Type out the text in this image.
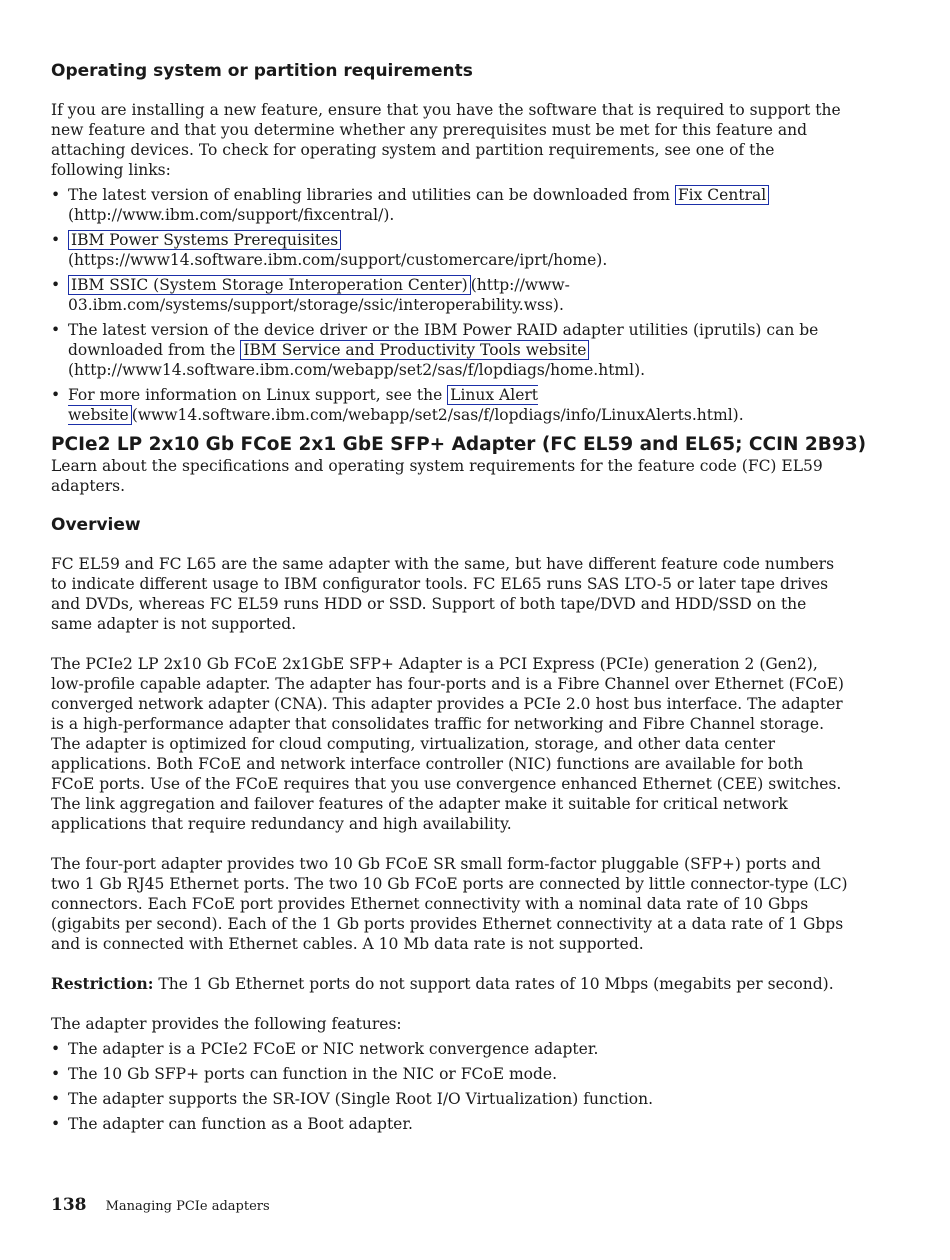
Operating system or partition requirements

If you are installing a new feature, ensure that you have the software that is required to support the new feature and that you determine whether any prerequisites must be met for this feature and attaching devices. To check for operating system and partition requirements, see one of the following links:

• The latest version of enabling libraries and utilities can be downloaded from Fix Central (http://www.ibm.com/support/fixcentral/).
• IBM Power Systems Prerequisites (https://www14.software.ibm.com/support/customercare/iprt/home).
• IBM SSIC (System Storage Interoperation Center) (http://www-03.ibm.com/systems/support/storage/ssic/interoperability.wss).
• The latest version of the device driver or the IBM Power RAID adapter utilities (iprutils) can be downloaded from the IBM Service and Productivity Tools website (http://www14.software.ibm.com/webapp/set2/sas/f/lopdiags/home.html).
• For more information on Linux support, see the Linux Alert website (www14.software.ibm.com/webapp/set2/sas/f/lopdiags/info/LinuxAlerts.html).
PCIe2 LP 2x10 Gb FCoE 2x1 GbE SFP+ Adapter (FC EL59 and EL65; CCIN 2B93)

Learn about the specifications and operating system requirements for the feature code (FC) EL59 adapters.

Overview

FC EL59 and FC L65 are the same adapter with the same, but have different feature code numbers to indicate different usage to IBM configurator tools. FC EL65 runs SAS LTO-5 or later tape drives and DVDs, whereas FC EL59 runs HDD or SSD. Support of both tape/DVD and HDD/SSD on the same adapter is not supported.

The PCIe2 LP 2x10 Gb FCoE 2x1GbE SFP+ Adapter is a PCI Express (PCIe) generation 2 (Gen2), low-profile capable adapter. The adapter has four-ports and is a Fibre Channel over Ethernet (FCoE) converged network adapter (CNA). This adapter provides a PCIe 2.0 host bus interface. The adapter is a high-performance adapter that consolidates traffic for networking and Fibre Channel storage. The adapter is optimized for cloud computing, virtualization, storage, and other data center applications. Both FCoE and network interface controller (NIC) functions are available for both FCoE ports. Use of the FCoE requires that you use convergence enhanced Ethernet (CEE) switches. The link aggregation and failover features of the adapter make it suitable for critical network applications that require redundancy and high availability.

The four-port adapter provides two 10 Gb FCoE SR small form-factor pluggable (SFP+) ports and two 1 Gb RJ45 Ethernet ports. The two 10 Gb FCoE ports are connected by little connector-type (LC) connectors. Each FCoE port provides Ethernet connectivity with a nominal data rate of 10 Gbps (gigabits per second). Each of the 1 Gb ports provides Ethernet connectivity at a data rate of 1 Gbps and is connected with Ethernet cables. A 10 Mb data rate is not supported.

Restriction: The 1 Gb Ethernet ports do not support data rates of 10 Mbps (megabits per second).

The adapter provides the following features:

• The adapter is a PCIe2 FCoE or NIC network convergence adapter.
• The 10 Gb SFP+ ports can function in the NIC or FCoE mode.
• The adapter supports the SR-IOV (Single Root I/O Virtualization) function.
• The adapter can function as a Boot adapter.
138 Managing PCIe adapters
